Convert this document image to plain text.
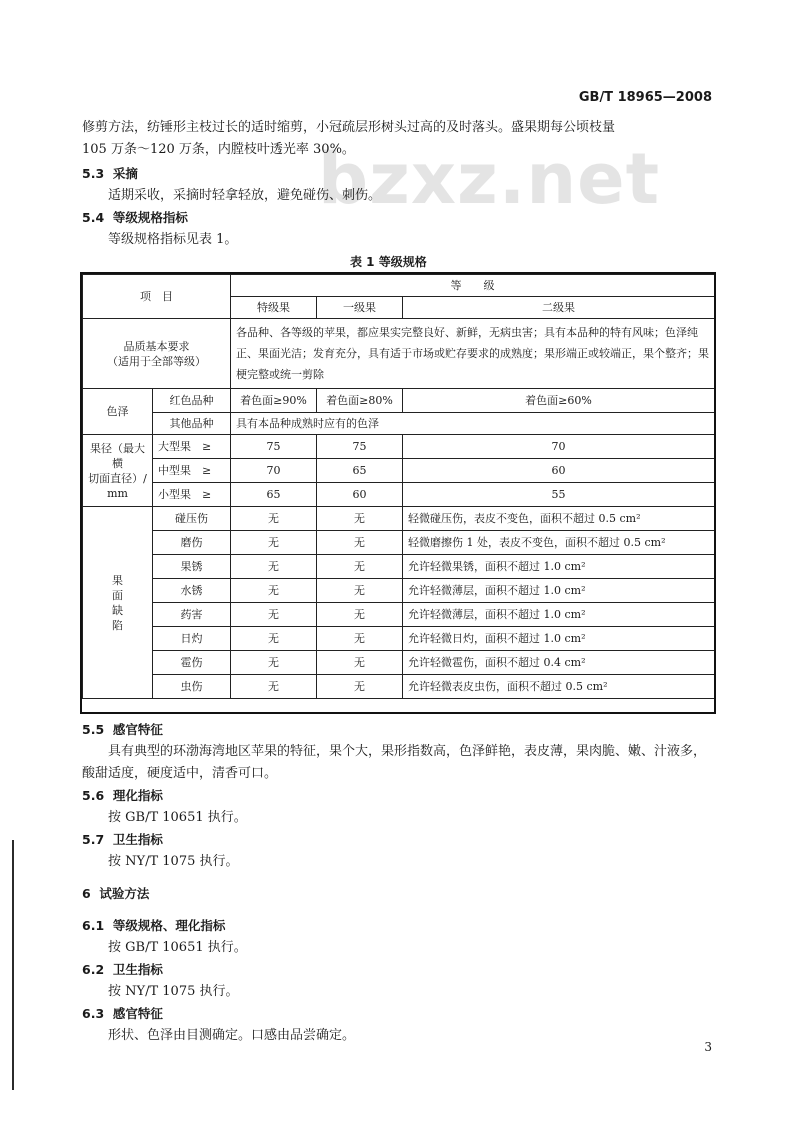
GB/T 18965—2008
bzxz.net
修剪方法，纺锤形主枝过长的适时缩剪，小冠疏层形树头过高的及时落头。盛果期每公顷枝量
105 万条～120 万条，内膛枝叶透光率 30%。
5.3 采摘
适期采收，采摘时轻拿轻放，避免碰伤、刺伤。
5.4 等级规格指标
等级规格指标见表 1。
表 1 等级规格
项　目		等　　级		
		特级果	一级果	二级果

品质基本要求
（适用于全部等级）		各品种、各等级的苹果，都应果实完整良好、新鲜，无病虫害；具有本品种的特有风味；色泽纯正、果面光洁；发育充分，具有适于市场或贮存要求的成熟度；果形端正或较端正，果个整齐；果梗完整或统一剪除		
色泽	红色品种	着色面≥90%	着色面≥80%	着色面≥60%
	其他品种	具有本品种成熟时应有的色泽		

果径（最大横
切面直径）/
mm	大型果　≥	75	75	70
	中型果　≥	70	65	60
	小型果　≥	65	60	55

果
面
缺
陷	碰压伤	无	无	轻微碰压伤，表皮不变色，面积不超过 0.5 cm²
	磨伤	无	无	轻微磨擦伤 1 处，表皮不变色，面积不超过 0.5 cm²
	果锈	无	无	允许轻微果锈，面积不超过 1.0 cm²
	水锈	无	无	允许轻微薄层，面积不超过 1.0 cm²
	药害	无	无	允许轻微薄层，面积不超过 1.0 cm²
	日灼	无	无	允许轻微日灼，面积不超过 1.0 cm²
	雹伤	无	无	允许轻微雹伤，面积不超过 0.4 cm²
	虫伤	无	无	允许轻微表皮虫伤，面积不超过 0.5 cm²
5.5 感官特征
具有典型的环渤海湾地区苹果的特征，果个大，果形指数高，色泽鲜艳，表皮薄，果肉脆、嫩、汁液多，
酸甜适度，硬度适中，清香可口。
5.6 理化指标
按 GB/T 10651 执行。
5.7 卫生指标
按 NY/T 1075 执行。
6 试验方法
6.1 等级规格、理化指标
按 GB/T 10651 执行。
6.2 卫生指标
按 NY/T 1075 执行。
6.3 感官特征
形状、色泽由目测确定。口感由品尝确定。
3
